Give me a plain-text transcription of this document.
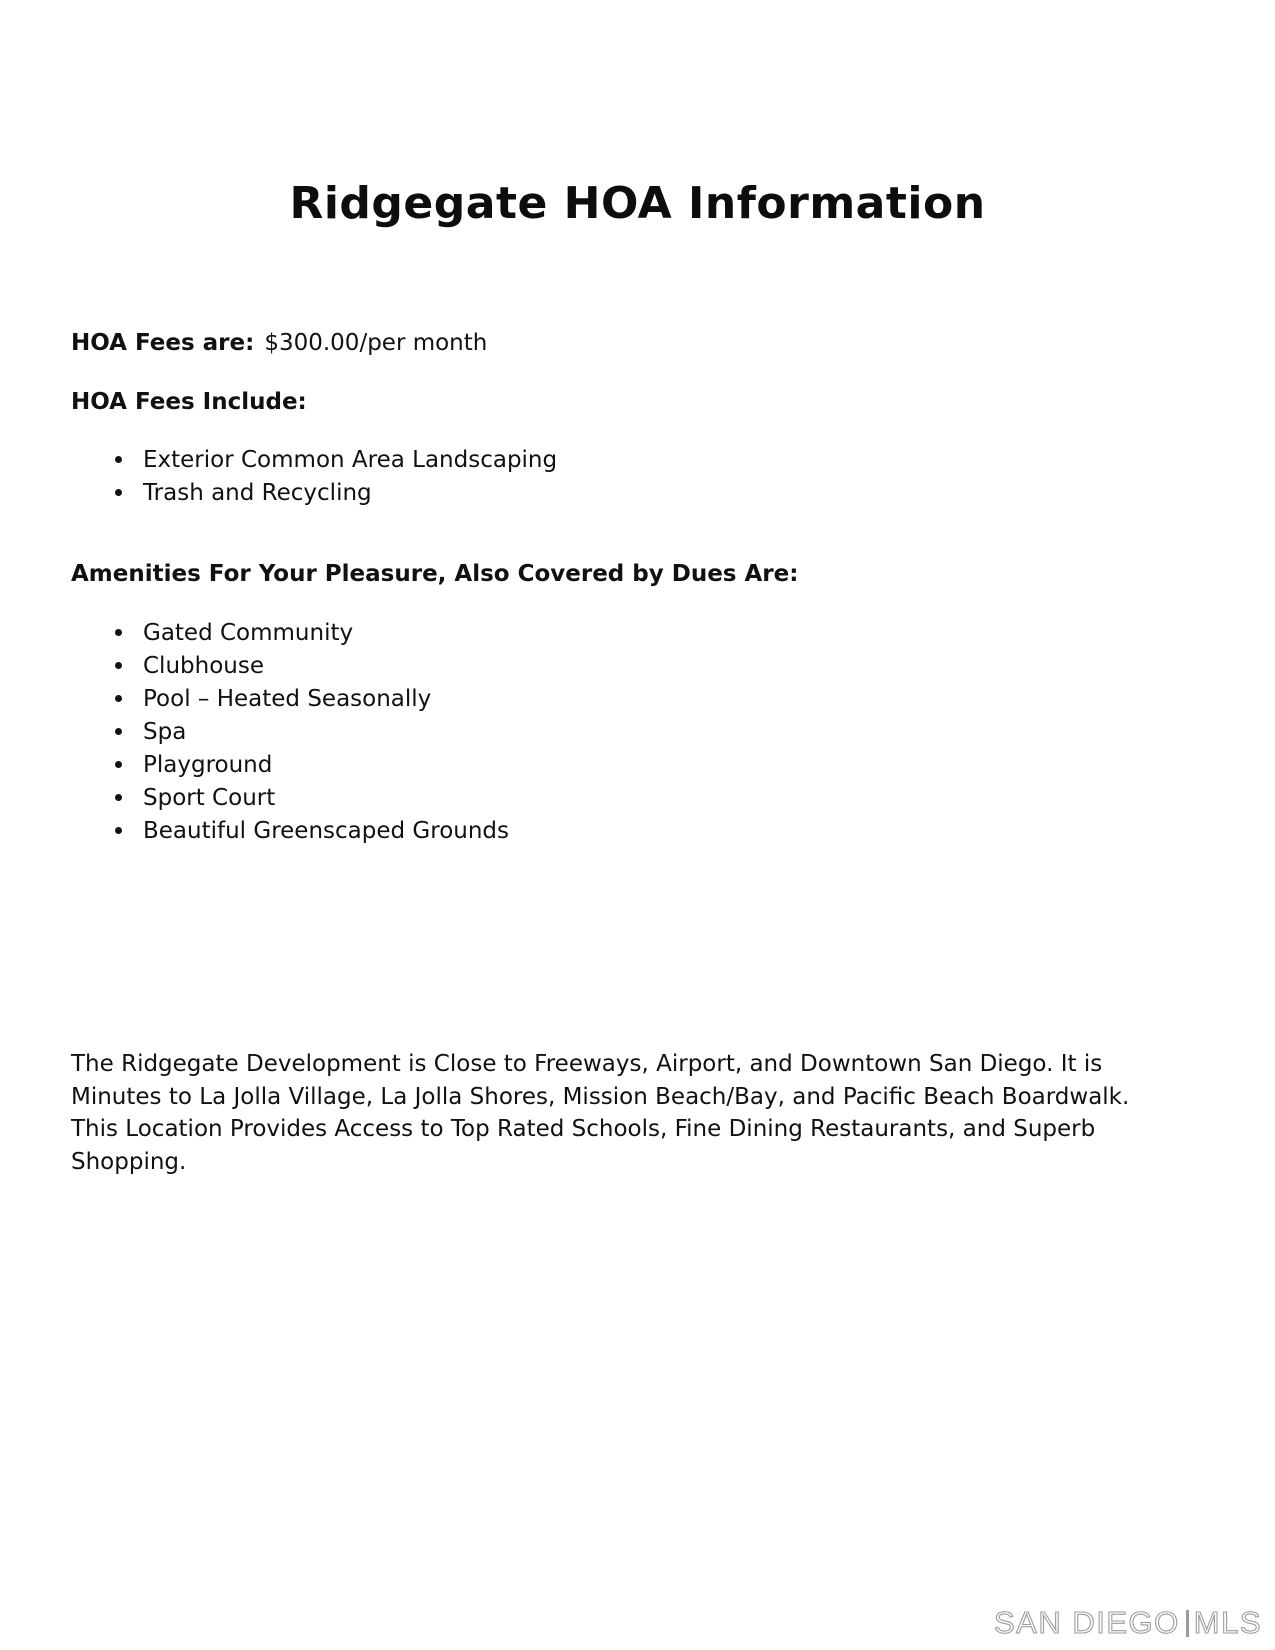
Ridgegate HOA Information
HOA Fees are: $300.00/per month
HOA Fees Include:
Exterior Common Area Landscaping
Trash and Recycling
Amenities For Your Pleasure, Also Covered by Dues Are:
Gated Community
Clubhouse
Pool – Heated Seasonally
Spa
Playground
Sport Court
Beautiful Greenscaped Grounds

The Ridgegate Development is Close to Freeways, Airport, and Downtown San Diego. It is Minutes to La Jolla Village, La Jolla Shores, Mission Beach/Bay, and Pacific Beach Boardwalk. This Location Provides Access to Top Rated Schools, Fine Dining Restaurants, and Superb Shopping.

SAN DIEGO MLS
